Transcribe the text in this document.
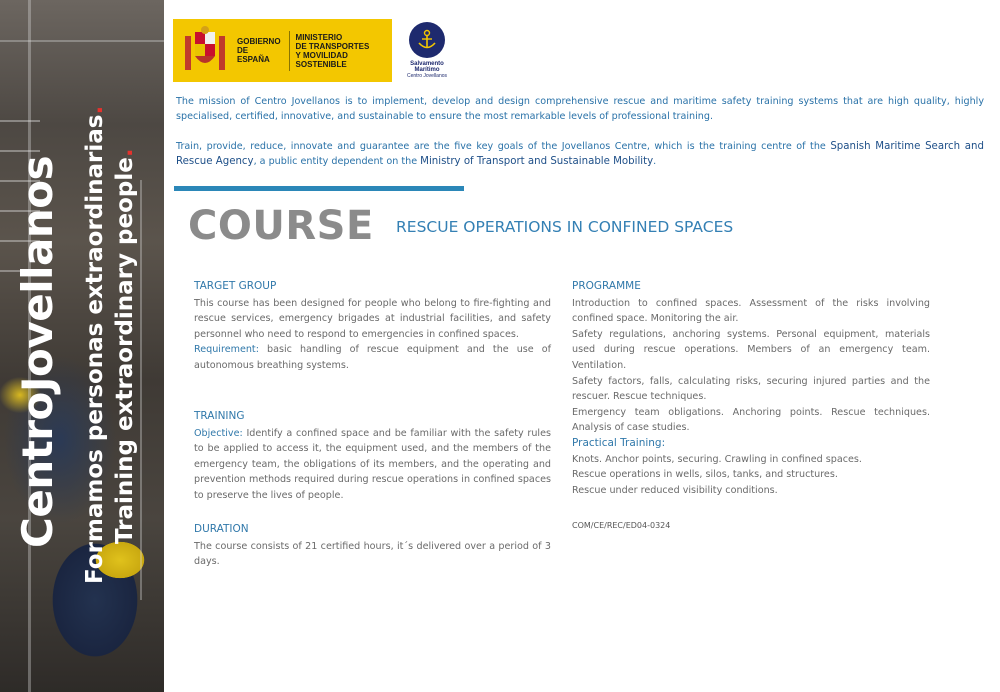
CentroJovellanos Formamos personas extraordinarias.
Training extraordinary people.
GOBIERNO
DE ESPAÑA
MINISTERIO
DE TRANSPORTES
Y MOVILIDAD SOSTENIBLE	Salvamento Marítimo
Centro Jovellanos

The mission of Centro Jovellanos is to implement, develop and design comprehensive rescue and maritime safety training systems that are high quality, highly specialised, certified, innovative, and sustainable to ensure the most remarkable levels of professional training.

Train, provide, reduce, innovate and guarantee are the five key goals of the Jovellanos Centre, which is the training centre of the Spanish Maritime Search and Rescue Agency, a public entity dependent on the Ministry of Transport and Sustainable Mobility.

COURSE RESCUE OPERATIONS IN CONFINED SPACES
TARGET GROUP
This course has been designed for people who belong to fire-fighting and rescue services, emergency brigades at industrial facilities, and safety personnel who need to respond to emergencies in confined spaces.
Requirement: basic handling of rescue equipment and the use of autonomous breathing systems.
TRAINING
Objective: Identify a confined space and be familiar with the safety rules to be applied to access it, the equipment used, and the members of the emergency team, the obligations of its members, and the operating and prevention methods required during rescue operations in confined spaces to preserve the lives of people.
DURATION
The course consists of 21 certified hours, it´s delivered over a period of 3 days.
PROGRAMME
Introduction to confined spaces. Assessment of the risks involving confined space. Monitoring the air.
Safety regulations, anchoring systems. Personal equipment, materials used during rescue operations. Members of an emergency team. Ventilation.
Safety factors, falls, calculating risks, securing injured parties and the rescuer. Rescue techniques.
Emergency team obligations. Anchoring points. Rescue techniques. Analysis of case studies.
Practical Training:
Knots. Anchor points, securing. Crawling in confined spaces.
Rescue operations in wells, silos, tanks, and structures.
Rescue under reduced visibility conditions.
COM/CE/REC/ED04-0324
